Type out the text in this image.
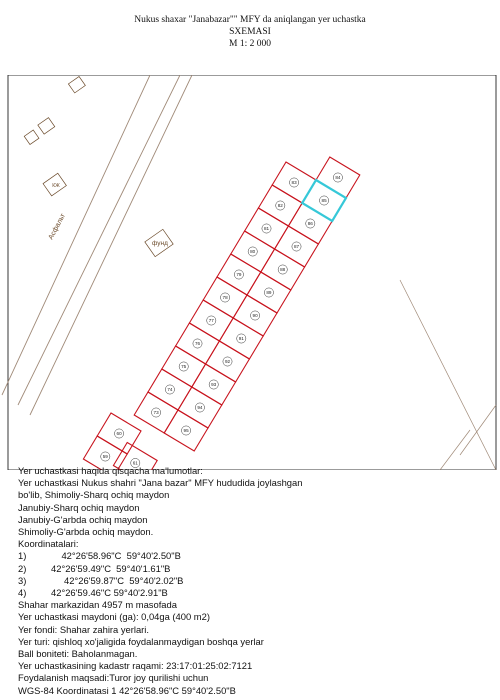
Nukus shaxar "Janabazar"" MFY da aniqlangan yer uchastka
SXEMASI
M 1: 2 000
Асфальт
КЖ
фунд
83
82
81
80
79
78
77
76
75
74
73
84
85
86
87
88
89
90
91
92
93
94
95
60
59
61
Yer uchastkasi haqida qisqacha ma'lumotlar:
Yer uchastkasi Nukus shahri "Jana bazar" MFY hududida joylashgan
bo'lib, Shimoliy-Sharq ochiq maydon
Janubiy-Sharq ochiq maydon
Janubiy-G'arbda ochiq maydon
Shimoliy-G'arbda ochiq maydon.
Koordinatalari:
1)	42°26'58.96"C  59°40'2.50"B
2)	42°26'59.49"C  59°40'1.61"B
3)	42°26'59.87"C  59°40'2.02"B
4)	42°26'59.46"C 59°40'2.91"B
Shahar markazidan 4957 m masofada
Yer uchastkasi maydoni (ga): 0,04ga (400 m2)
Yer fondi: Shahar zahira yerlari.
Yer turi: qishloq xo'jaligida foydalanmaydigan boshqa yerlar
Ball boniteti: Baholanmagan.
Yer uchastkasining kadastr raqami: 23:17:01:25:02:7121
Foydalanish maqsadi:Turor joy qurilishi uchun
WGS-84 Koordinatasi 1 42°26'58.96"C 59°40'2.50"B
